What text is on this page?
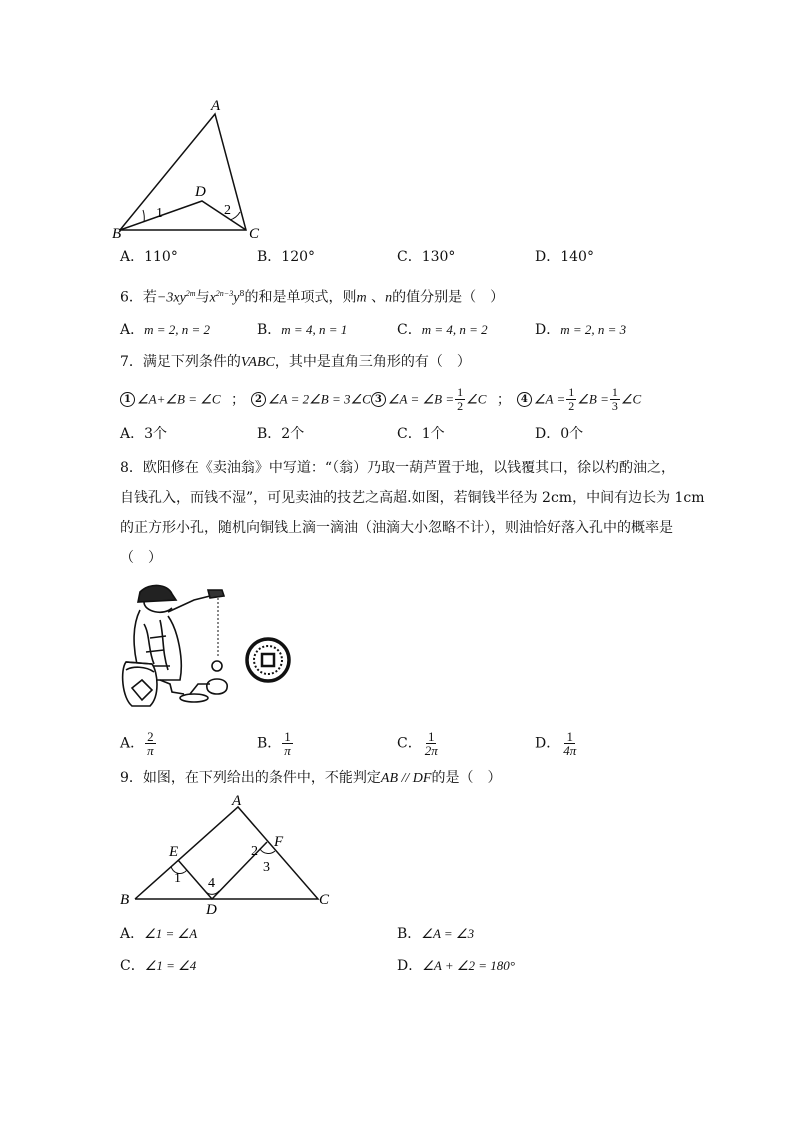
A
B	C
D
1	2
A．110°	B．120°	C．130°	D．140°
6．若$-3xy^{2m}$与$x^{2n-3}y^8$的和是单项式，则m 、n的值分别是（　）
A．m = 2, n = 2	B．m = 4, n = 1	C．m = 4, n = 2	D．m = 2, n = 3
7．满足下列条件的VABC，其中是直角三角形的有（　）
1 ∠A+∠B = ∠C ； 2 ∠A = 2∠B = 3∠C 3 ∠A = ∠B = $\frac{1}{2}$ ∠C ； 4 ∠A = $\frac{1}{2}$ ∠B = $\frac{1}{3}$ ∠C
A．3个	B．2个	C．1个	D．0个
8．欧阳修在《卖油翁》中写道：“（翁）乃取一葫芦置于地，以钱覆其口，徐以杓酌油之，
自钱孔入，而钱不湿”，可见卖油的技艺之高超.如图，若铜钱半径为 2cm，中间有边长为 1cm
的正方形小孔，随机向铜钱上滴一滴油（油滴大小忽略不计），则油恰好落入孔中的概率是
（　）
A． $\frac{2}{\pi}$	B． $\frac{1}{\pi}$	C． $\frac{1}{2\pi}$	D． $\frac{1}{4\pi}$
9．如图，在下列给出的条件中，不能判定AB // DF的是（　）
A
B	C
D
E
F
1
2
3
4
A．∠1 = ∠A	B．∠A = ∠3
C．∠1 = ∠4	D．∠A + ∠2 = 180°
